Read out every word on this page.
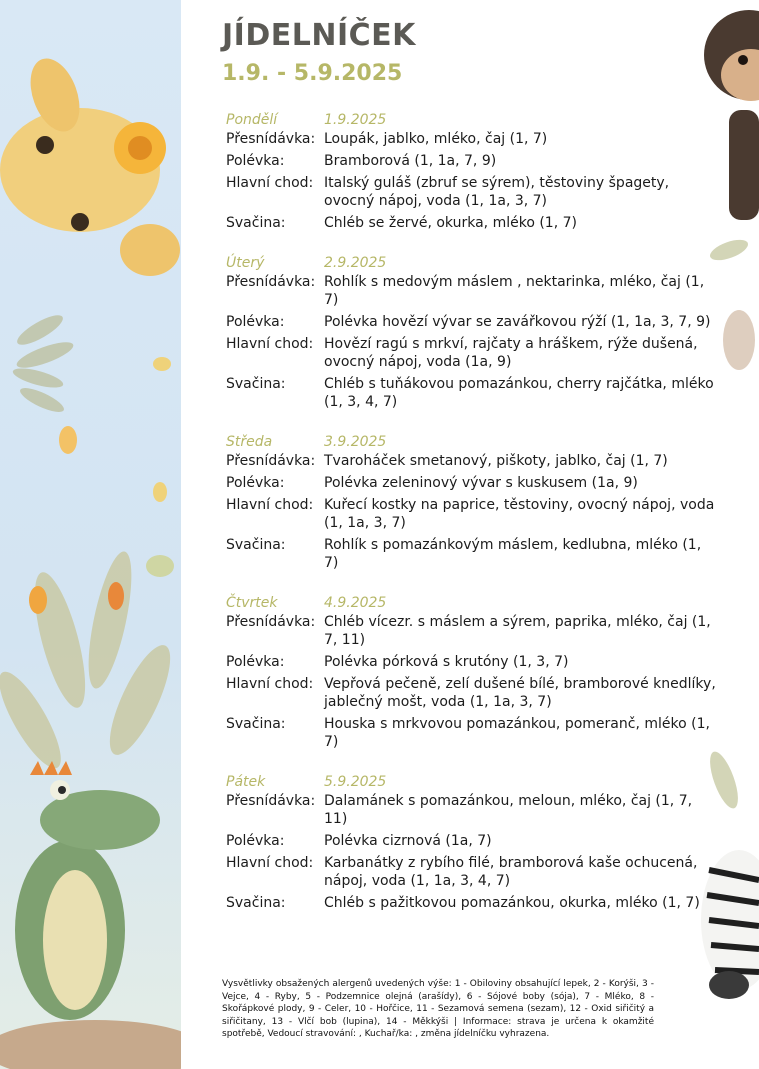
JÍDELNÍČEK
1.9. - 5.9.2025
Pondělí	1.9.2025
Přesnídávka: Loupák, jablko, mléko, čaj (1, 7)
Polévka:	Bramborová (1, 1a, 7, 9)
Hlavní chod: Italský guláš (zbruf se sýrem), těstoviny špagety, ovocný nápoj, voda (1, 1a, 3, 7)
Svačina:	Chléb se žervé, okurka, mléko (1, 7)
Úterý	2.9.2025
Přesnídávka: Rohlík s medovým máslem , nektarinka, mléko, čaj (1, 7)
Polévka:	Polévka hovězí vývar se zavářkovou rýží (1, 1a, 3, 7, 9)
Hlavní chod: Hovězí ragú s mrkví, rajčaty a hráškem, rýže dušená, ovocný nápoj, voda (1a, 9)
Svačina:	Chléb s tuňákovou pomazánkou, cherry rajčátka, mléko (1, 3, 4, 7)
Středa	3.9.2025
Přesnídávka: Tvaroháček smetanový, piškoty, jablko, čaj (1, 7)
Polévka:	Polévka zeleninový vývar s kuskusem (1a, 9)
Hlavní chod: Kuřecí kostky na paprice, těstoviny, ovocný nápoj, voda (1, 1a, 3, 7)
Svačina:	Rohlík s pomazánkovým máslem, kedlubna, mléko (1, 7)
Čtvrtek	4.9.2025
Přesnídávka: Chléb vícezr. s máslem a sýrem, paprika, mléko, čaj (1, 7, 11)
Polévka:	Polévka pórková s krutóny (1, 3, 7)
Hlavní chod: Vepřová pečeně, zelí dušené bílé, bramborové knedlíky, jablečný mošt, voda (1, 1a, 3, 7)
Svačina:	Houska s mrkvovou pomazánkou, pomeranč, mléko (1, 7)
Pátek	5.9.2025
Přesnídávka: Dalamánek s pomazánkou, meloun, mléko, čaj (1, 7, 11)
Polévka:	Polévka cizrnová (1a, 7)
Hlavní chod: Karbanátky z rybího filé, bramborová kaše ochucená, nápoj, voda (1, 1a, 3, 4, 7)
Svačina:	Chléb s pažitkovou pomazánkou, okurka, mléko (1, 7)
Vysvětlivky obsažených alergenů uvedených výše: 1 - Obiloviny obsahující lepek, 2 - Korýši, 3 - Vejce, 4 - Ryby, 5 - Podzemnice olejná (arašídy), 6 - Sójové boby (sója), 7 - Mléko, 8 - Skořápkové plody, 9 - Celer, 10 - Hořčice, 11 - Sezamová semena (sezam), 12 - Oxid siřičitý a siřičitany, 13 - Vlčí bob (lupina), 14 - Měkkýši | Informace: strava je určena k okamžité spotřebě, Vedoucí stravování: , Kuchař/ka: , změna jídelníčku vyhrazena.
